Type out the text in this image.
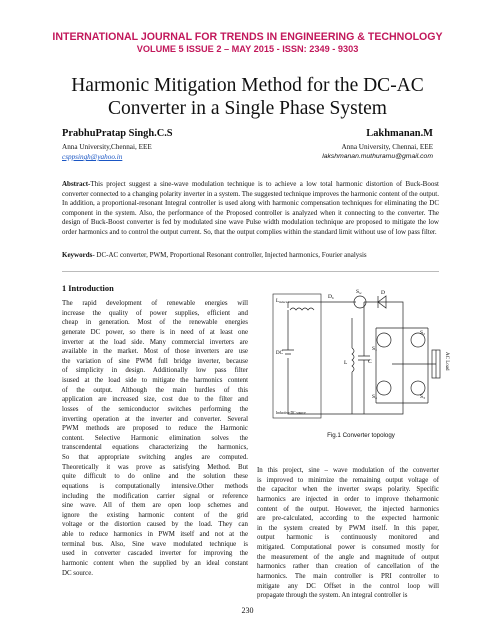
INTERNATIONAL JOURNAL FOR TRENDS IN ENGINEERING & TECHNOLOGY
VOLUME 5 ISSUE 2 – MAY 2015 - ISSN: 2349 - 9303
Harmonic Mitigation Method for the DC-AC
Converter in a Single Phase System
PrabhuPratap Singh.C.S
Anna University,Chennai, EEE
csppsingh@yahoo.in
Lakhmanan.M
Anna University, Chennai, EEE
lakshmanan.muthuramu@gmail.com
Abstract-This project suggest a sine-wave modulation technique is to achieve a low total harmonic distortion of Buck-Boost converter connected to a changing polarity inverter in a system. The suggested technique improves the harmonic content of the output. In addition, a proportional-resonant Integral controller is used along with harmonic compensation techniques for eliminating the DC component in the system. Also, the performance of the Proposed controller is analyzed when it connecting to the converter. The design of Buck-Boost converter is fed by modulated sine wave Pulse width modulation technique are proposed to mitigate the low order harmonics and to control the output current. So, that the output complies within the standard limit without use of low pass filter.
Keywords- DC-AC converter, PWM, Proportional Resonant controller, Injected harmonics, Fourier analysis
1 Introduction
The rapid development of renewable energies will
increase the quality of power supplies, efficient and
cheap in generation. Most of the renewable energies
generate DC power, so there is in need of at least one
inverter at the load side. Many commercial inverters are
available in the market. Most of those inverters are use
the variation of sine PWM full bridge inverter, because
of simplicity in design. Additionally low pass filter
isused at the load side to mitigate the harmonics content
of the output. Although the main hurdles of this
application are increased size, cost due to the filter and
losses of the semiconductor switches performing the
inverting operation at the inverter and converter. Several
PWM methods are proposed to reduce the Harmonic
content. Selective Harmonic elimination solves the
transcendental equations characterizing the harmonics,
So that appropriate switching angles are computed.
Theoretically it was prove as satisfying Method. But
quite difficult to do online and the solution these
equations is computationally intensive.Other methods
including the modification carrier signal or reference
sine wave. All of them are open loop schemes and
ignore the existing harmonic content of the grid
voltage or the distortion caused by the load. They can
able to reduce harmonics in PWM itself and not at the
terminal bus. Also, Sine wave modulated technique is
used in converter cascaded inverter for improving the
harmonic content when the supplied by an ideal constant
DC source.
In this project, sine – wave modulation of the converter
is improved to minimize the remaining output voltage of
the capacitor when the inverter swaps polarity. Specific
harmonics are injected in order to improve theharmonic
content of the output. However, the injected harmonics
are pre-calculated, according to the expected harmonic
in the system created by PWM itself. In this paper,
output harmonic is continuously monitored and
mitigated. Computational power is consumed mostly for
the measurement of the angle and magnitude of output
harmonics rather than creation of cancellation of the
harmonics. The main controller is PRI controller to
mitigate any DC Offset in the control loop will
propagate through the system. An integral controller is
$L_{inductor}$
Db
Sw	D
DC
L	C
S1
S2
S3
S4
AC Load
Inductive DC source
Fig.1 Converter topology
230
